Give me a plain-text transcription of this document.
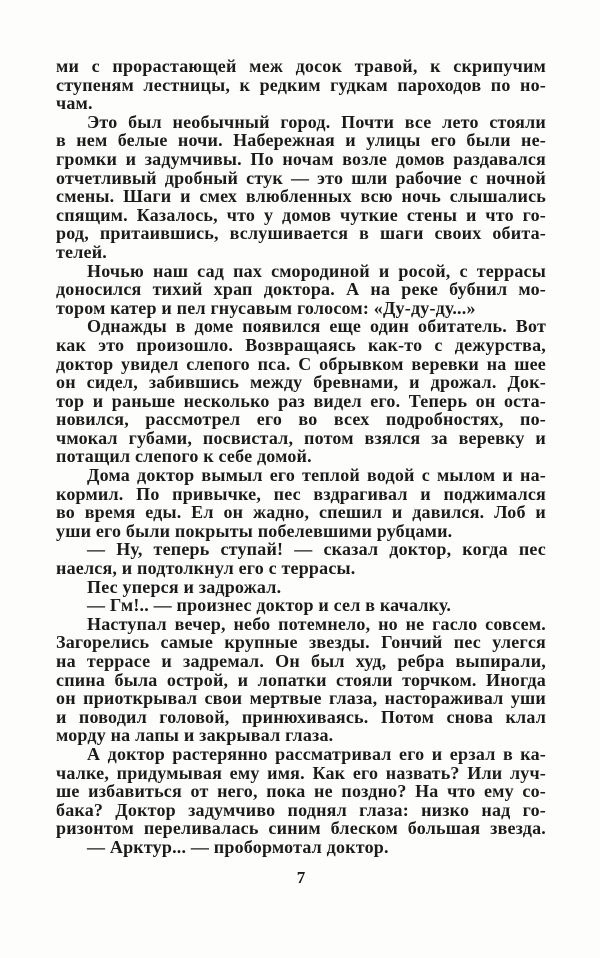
ми с прорастающей меж досок травой, к скрипучим
ступеням лестницы, к редким гудкам пароходов по но-
чам.
Это был необычный город. Почти все лето стояли
в нем белые ночи. Набережная и улицы его были не-
громки и задумчивы. По ночам возле домов раздавался
отчетливый дробный стук — это шли рабочие с ночной
смены. Шаги и смех влюбленных всю ночь слышались
спящим. Казалось, что у домов чуткие стены и что го-
род, притаившись, вслушивается в шаги своих обита-
телей.
Ночью наш сад пах смородиной и росой, с террасы
доносился тихий храп доктора. А на реке бубнил мо-
тором катер и пел гнусавым голосом: «Ду-ду-ду...»
Однажды в доме появился еще один обитатель. Вот
как это произошло. Возвращаясь как-то с дежурства,
доктор увидел слепого пса. С обрывком веревки на шее
он сидел, забившись между бревнами, и дрожал. Док-
тор и раньше несколько раз видел его. Теперь он оста-
новился, рассмотрел его во всех подробностях, по-
чмокал губами, посвистал, потом взялся за веревку и
потащил слепого к себе домой.
Дома доктор вымыл его теплой водой с мылом и на-
кормил. По привычке, пес вздрагивал и поджимался
во время еды. Ел он жадно, спешил и давился. Лоб и
уши его были покрыты побелевшими рубцами.
— Ну, теперь ступай! — сказал доктор, когда пес
наелся, и подтолкнул его с террасы.
Пес уперся и задрожал.
— Гм!.. — произнес доктор и сел в качалку.
Наступал вечер, небо потемнело, но не гасло совсем.
Загорелись самые крупные звезды. Гончий пес улегся
на террасе и задремал. Он был худ, ребра выпирали,
спина была острой, и лопатки стояли торчком. Иногда
он приоткрывал свои мертвые глаза, настораживал уши
и поводил головой, принюхиваясь. Потом снова клал
морду на лапы и закрывал глаза.
А доктор растерянно рассматривал его и ерзал в ка-
чалке, придумывая ему имя. Как его назвать? Или луч-
ше избавиться от него, пока не поздно? На что ему со-
бака? Доктор задумчиво поднял глаза: низко над го-
ризонтом переливалась синим блеском большая звезда.
— Арктур... — пробормотал доктор.
7
